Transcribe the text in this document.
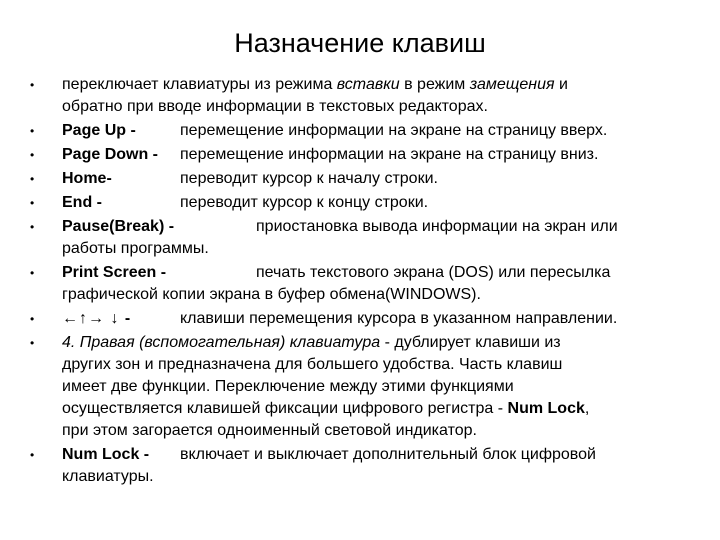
Назначение клавиш
• переключает клавиатуры из режима вставки в режим замещения и
обратно при вводе информации в текстовых редакторах.
• Page Up -	перемещение информации на экране на страницу вверх.
• Page Down -перемещение информации на экране на страницу вниз.
• Home-	переводит курсор к началу строки.
• End -	переводит курсор к концу строки.
• Pause(Break) -	приостановка вывода информации на экран или
работы программы.
• Print Screen -	печать текстового экрана (DOS) или пересылка
графической копии экрана в буфер обмена(WINDOWS).
• ←↑→ ↓ -	клавиши перемещения курсора в указанном направлении.
• 4. Правая (вспомогательная) клавиатура - дублирует клавиши из
других зон и предназначена для большего удобства. Часть клавиш
имеет две функции. Переключение между этими функциями
осуществляется клавишей фиксации цифрового регистра - Num Lock,
при этом загорается одноименный световой индикатор.
• Num Lock -включает и выключает дополнительный блок цифровой
клавиатуры.
